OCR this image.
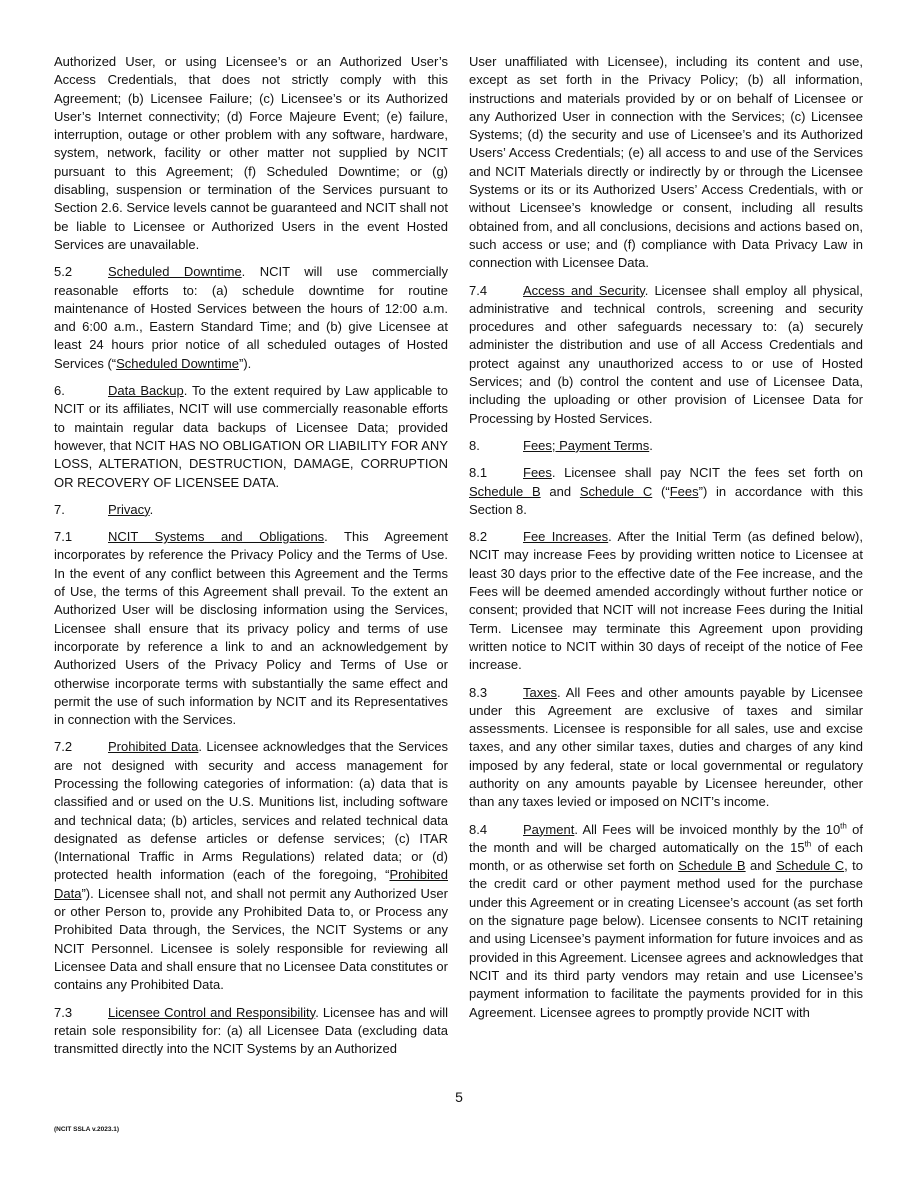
Authorized User, or using Licensee’s or an Authorized User’s Access Credentials, that does not strictly comply with this Agreement; (b) Licensee Failure; (c) Licensee’s or its Authorized User’s Internet connectivity; (d) Force Majeure Event; (e) failure, interruption, outage or other problem with any software, hardware, system, network, facility or other matter not supplied by NCIT pursuant to this Agreement; (f) Scheduled Downtime; or (g) disabling, suspension or termination of the Services pursuant to Section 2.6. Service levels cannot be guaranteed and NCIT shall not be liable to Licensee or Authorized Users in the event Hosted Services are unavailable.

5.2	Scheduled Downtime. NCIT will use commercially reasonable efforts to: (a) schedule downtime for routine maintenance of Hosted Services between the hours of 12:00 a.m. and 6:00 a.m., Eastern Standard Time; and (b) give Licensee at least 24 hours prior notice of all scheduled outages of Hosted Services (“Scheduled Downtime”).

6.	Data Backup. To the extent required by Law applicable to NCIT or its affiliates, NCIT will use commercially reasonable efforts to maintain regular data backups of Licensee Data; provided however, that NCIT HAS NO OBLIGATION OR LIABILITY FOR ANY LOSS, ALTERATION, DESTRUCTION, DAMAGE, CORRUPTION OR RECOVERY OF LICENSEE DATA.

7.	Privacy.

7.1	NCIT Systems and Obligations. This Agreement incorporates by reference the Privacy Policy and the Terms of Use. In the event of any conflict between this Agreement and the Terms of Use, the terms of this Agreement shall prevail. To the extent an Authorized User will be disclosing information using the Services, Licensee shall ensure that its privacy policy and terms of use incorporate by reference a link to and an acknowledgement by Authorized Users of the Privacy Policy and Terms of Use or otherwise incorporate terms with substantially the same effect and permit the use of such information by NCIT and its Representatives in connection with the Services.

7.2	Prohibited Data. Licensee acknowledges that the Services are not designed with security and access management for Processing the following categories of information: (a) data that is classified and or used on the U.S. Munitions list, including software and technical data; (b) articles, services and related technical data designated as defense articles or defense services; (c) ITAR (International Traffic in Arms Regulations) related data; or (d) protected health information (each of the foregoing, “Prohibited Data”). Licensee shall not, and shall not permit any Authorized User or other Person to, provide any Prohibited Data to, or Process any Prohibited Data through, the Services, the NCIT Systems or any NCIT Personnel. Licensee is solely responsible for reviewing all Licensee Data and shall ensure that no Licensee Data constitutes or contains any Prohibited Data.

7.3	Licensee Control and Responsibility. Licensee has and will retain sole responsibility for: (a) all Licensee Data (excluding data transmitted directly into the NCIT Systems by an Authorized

User unaffiliated with Licensee), including its content and use, except as set forth in the Privacy Policy; (b) all information, instructions and materials provided by or on behalf of Licensee or any Authorized User in connection with the Services; (c) Licensee Systems; (d) the security and use of Licensee’s and its Authorized Users’ Access Credentials; (e) all access to and use of the Services and NCIT Materials directly or indirectly by or through the Licensee Systems or its or its Authorized Users’ Access Credentials, with or without Licensee’s knowledge or consent, including all results obtained from, and all conclusions, decisions and actions based on, such access or use; and (f) compliance with Data Privacy Law in connection with Licensee Data.

7.4	Access and Security. Licensee shall employ all physical, administrative and technical controls, screening and security procedures and other safeguards necessary to: (a) securely administer the distribution and use of all Access Credentials and protect against any unauthorized access to or use of Hosted Services; and (b) control the content and use of Licensee Data, including the uploading or other provision of Licensee Data for Processing by Hosted Services.

8.	Fees; Payment Terms.

8.1	Fees. Licensee shall pay NCIT the fees set forth on Schedule B and Schedule C (“Fees”) in accordance with this Section 8.

8.2	Fee Increases. After the Initial Term (as defined below), NCIT may increase Fees by providing written notice to Licensee at least 30 days prior to the effective date of the Fee increase, and the Fees will be deemed amended accordingly without further notice or consent; provided that NCIT will not increase Fees during the Initial Term. Licensee may terminate this Agreement upon providing written notice to NCIT within 30 days of receipt of the notice of Fee increase.

8.3	Taxes. All Fees and other amounts payable by Licensee under this Agreement are exclusive of taxes and similar assessments. Licensee is responsible for all sales, use and excise taxes, and any other similar taxes, duties and charges of any kind imposed by any federal, state or local governmental or regulatory authority on any amounts payable by Licensee hereunder, other than any taxes levied or imposed on NCIT’s income.

8.4	Payment. All Fees will be invoiced monthly by the 10th of the month and will be charged automatically on the 15th of each month, or as otherwise set forth on Schedule B and Schedule C, to the credit card or other payment method used for the purchase under this Agreement or in creating Licensee’s account (as set forth on the signature page below). Licensee consents to NCIT retaining and using Licensee’s payment information for future invoices and as provided in this Agreement. Licensee agrees and acknowledges that NCIT and its third party vendors may retain and use Licensee’s payment information to facilitate the payments provided for in this Agreement. Licensee agrees to promptly provide NCIT with

5
(NCIT SSLA v.2023.1)
